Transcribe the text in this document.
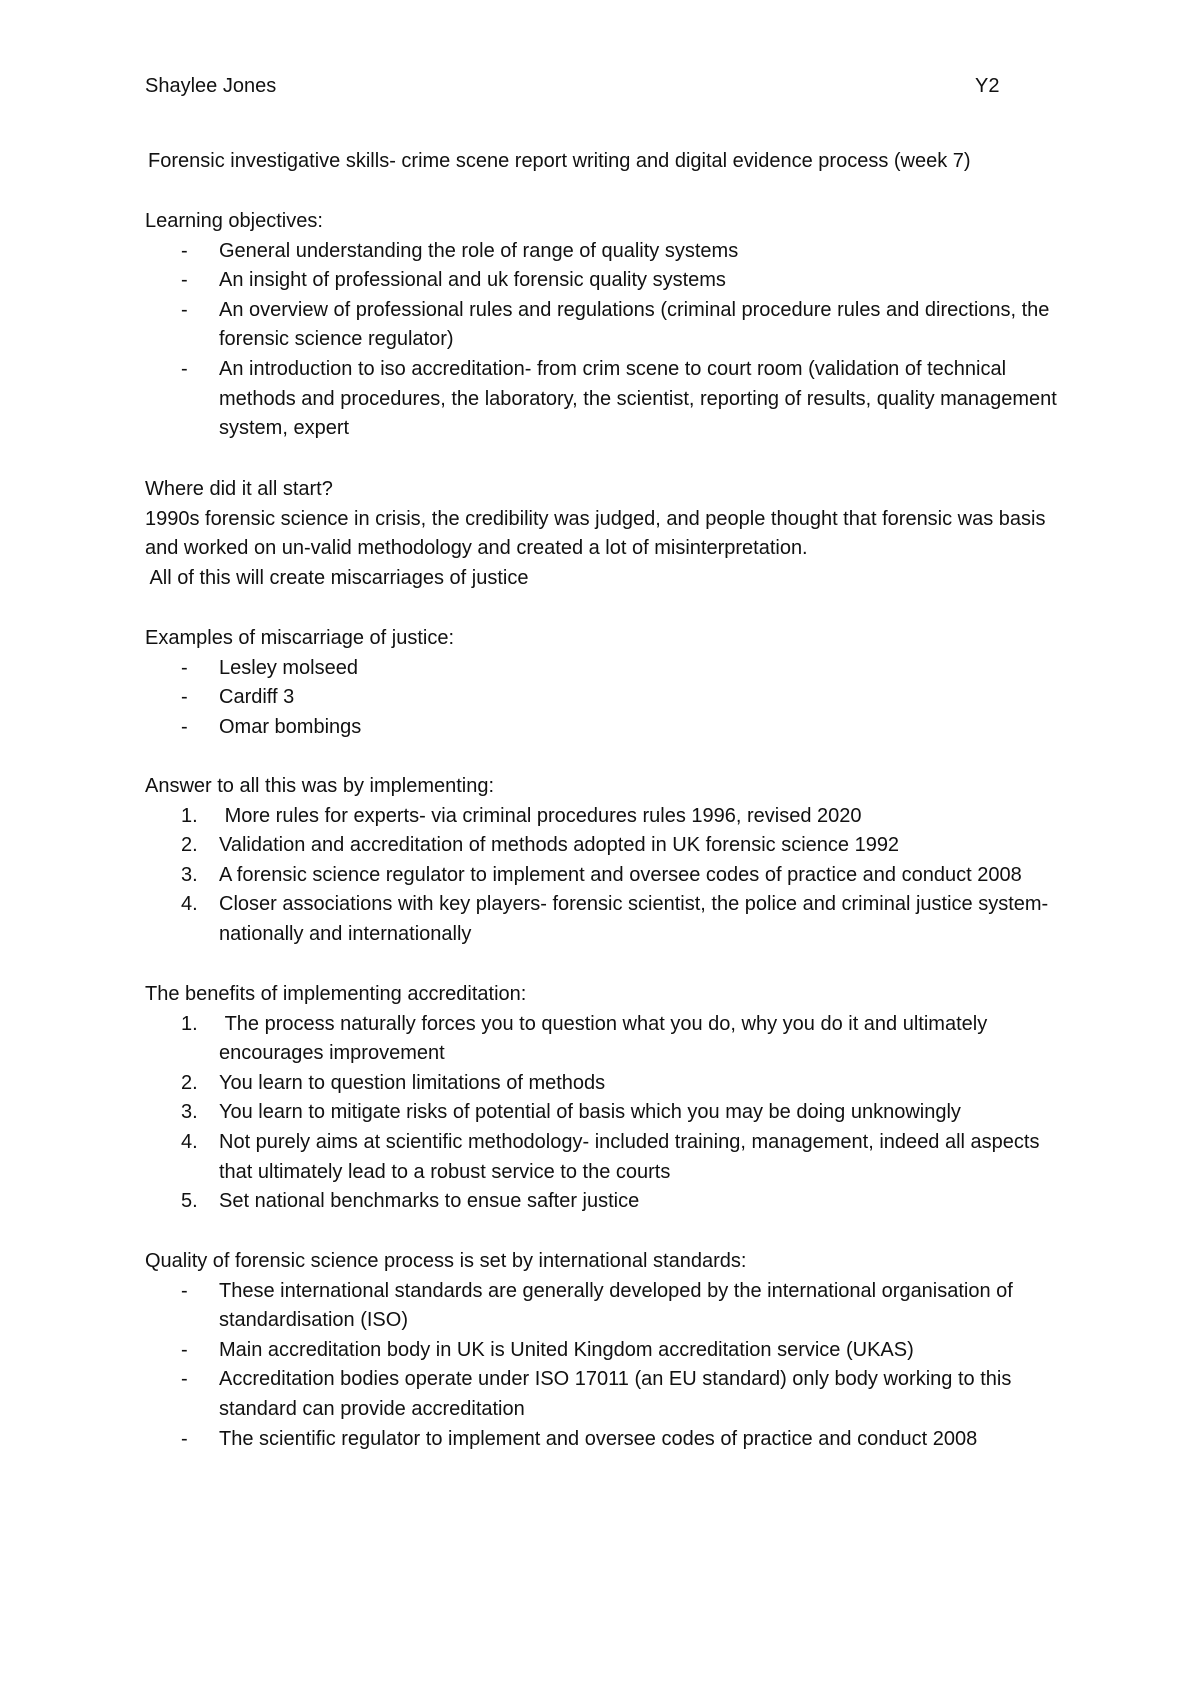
Shaylee Jones	Y2
Forensic investigative skills- crime scene report writing and digital evidence process (week 7)

Learning objectives:

- General understanding the role of range of quality systems
- An insight of professional and uk forensic quality systems
- An overview of professional rules and regulations (criminal procedure rules and directions, the forensic science regulator)
- An introduction to iso accreditation- from crim scene to court room (validation of technical methods and procedures, the laboratory, the scientist, reporting of results, quality management system, expert

Where did it all start?

1990s forensic science in crisis, the credibility was judged, and people thought that forensic was basis and worked on un-valid methodology and created a lot of misinterpretation.

All of this will create miscarriages of justice

Examples of miscarriage of justice:

- Lesley molseed
- Cardiff 3
- Omar bombings

Answer to all this was by implementing:

1. More rules for experts- via criminal procedures rules 1996, revised 2020
2. Validation and accreditation of methods adopted in UK forensic science 1992
3. A forensic science regulator to implement and oversee codes of practice and conduct 2008
4. Closer associations with key players- forensic scientist, the police and criminal justice system- nationally and internationally

The benefits of implementing accreditation:

1. The process naturally forces you to question what you do, why you do it and ultimately encourages improvement
2. You learn to question limitations of methods
3. You learn to mitigate risks of potential of basis which you may be doing unknowingly
4. Not purely aims at scientific methodology- included training, management, indeed all aspects that ultimately lead to a robust service to the courts
5. Set national benchmarks to ensue safter justice

Quality of forensic science process is set by international standards:

- These international standards are generally developed by the international organisation of standardisation (ISO)
- Main accreditation body in UK is United Kingdom accreditation service (UKAS)
- Accreditation bodies operate under ISO 17011 (an EU standard) only body working to this standard can provide accreditation
- The scientific regulator to implement and oversee codes of practice and conduct 2008
